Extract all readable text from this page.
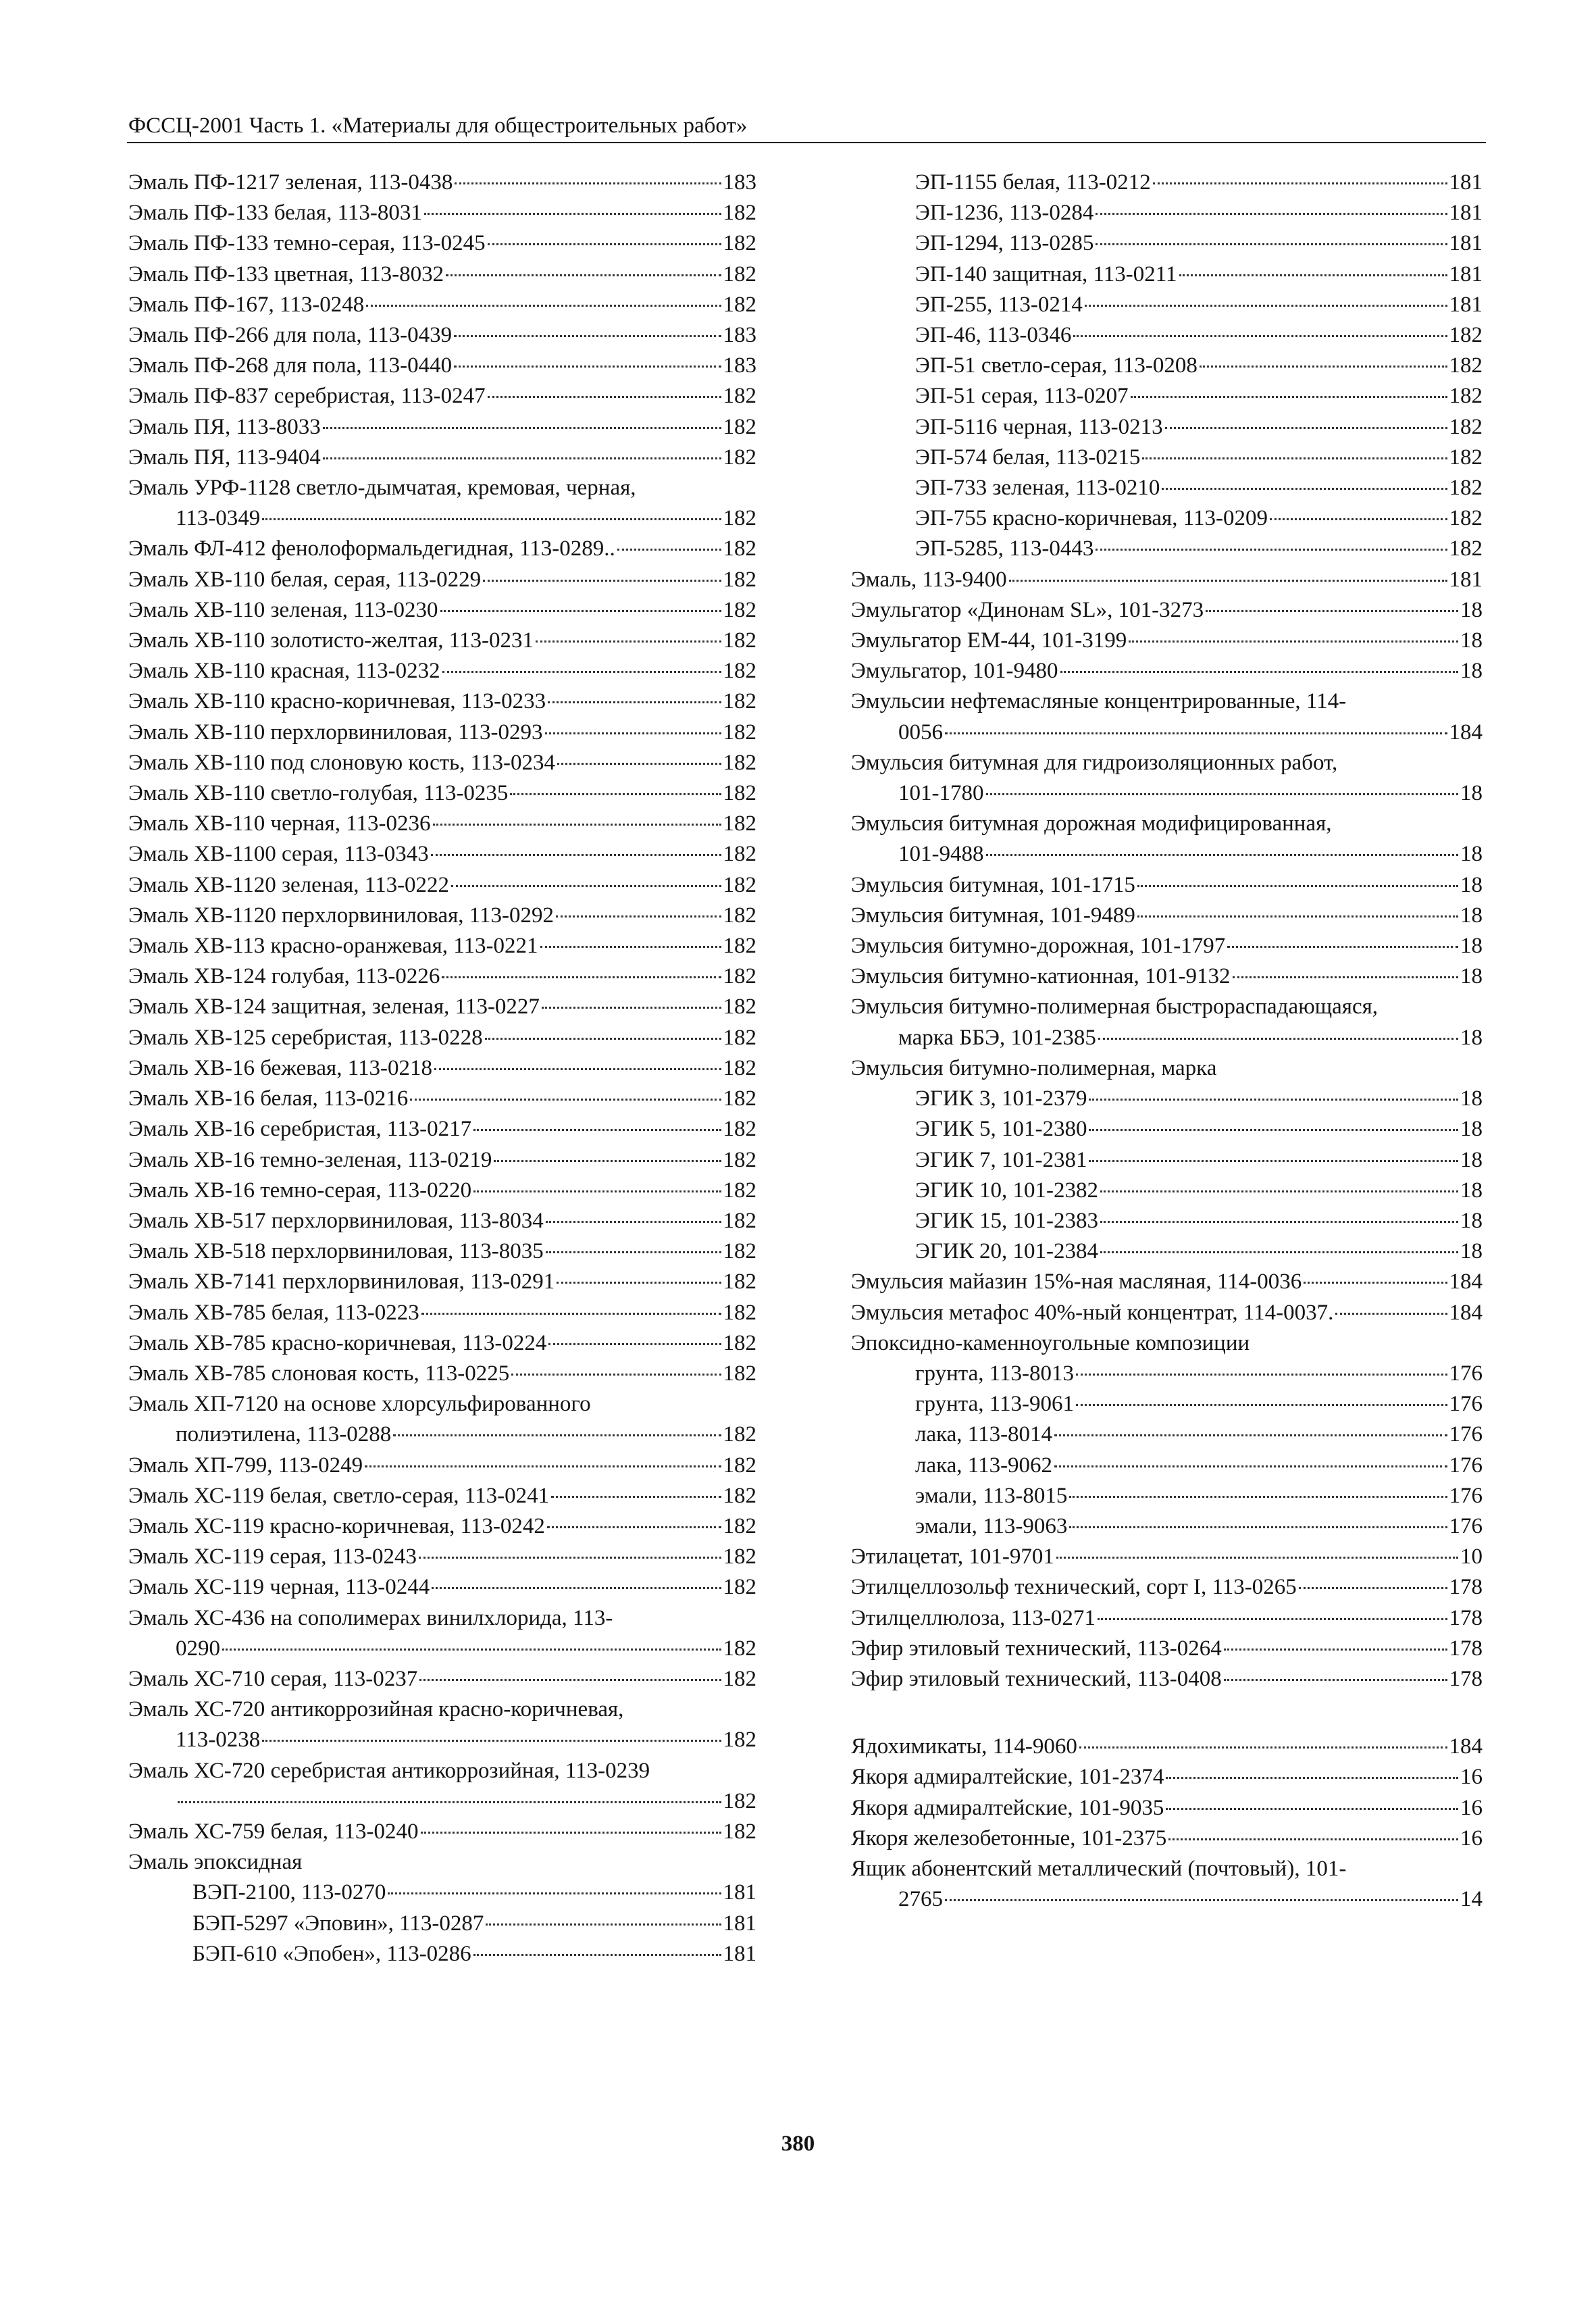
ФССЦ-2001 Часть 1. «Материалы для общестроительных работ»
Эмаль ПФ-1217 зеленая, 113-0438	183
Эмаль ПФ-133 белая, 113-8031	182
Эмаль ПФ-133 темно-серая, 113-0245	182
Эмаль ПФ-133 цветная, 113-8032	182
Эмаль ПФ-167, 113-0248	182
Эмаль ПФ-266 для пола, 113-0439	183
Эмаль ПФ-268 для пола, 113-0440	183
Эмаль ПФ-837 серебристая, 113-0247	182
Эмаль ПЯ, 113-8033	182
Эмаль ПЯ, 113-9404	182
Эмаль УРФ-1128 светло-дымчатая, кремовая, черная,
113-0349	182
Эмаль ФЛ-412 фенолоформальдегидная, 113-0289..	182
Эмаль ХВ-110 белая, серая, 113-0229	182
Эмаль ХВ-110 зеленая, 113-0230	182
Эмаль ХВ-110 золотисто-желтая, 113-0231	182
Эмаль ХВ-110 красная, 113-0232	182
Эмаль ХВ-110 красно-коричневая, 113-0233	182
Эмаль ХВ-110 перхлорвиниловая, 113-0293	182
Эмаль ХВ-110 под слоновую кость, 113-0234	182
Эмаль ХВ-110 светло-голубая, 113-0235	182
Эмаль ХВ-110 черная, 113-0236	182
Эмаль ХВ-1100 серая, 113-0343	182
Эмаль ХВ-1120 зеленая, 113-0222	182
Эмаль ХВ-1120 перхлорвиниловая, 113-0292	182
Эмаль ХВ-113 красно-оранжевая, 113-0221	182
Эмаль ХВ-124 голубая, 113-0226	182
Эмаль ХВ-124 защитная, зеленая, 113-0227	182
Эмаль ХВ-125 серебристая, 113-0228	182
Эмаль ХВ-16 бежевая, 113-0218	182
Эмаль ХВ-16 белая, 113-0216	182
Эмаль ХВ-16 серебристая, 113-0217	182
Эмаль ХВ-16 темно-зеленая, 113-0219	182
Эмаль ХВ-16 темно-серая, 113-0220	182
Эмаль ХВ-517 перхлорвиниловая, 113-8034	182
Эмаль ХВ-518 перхлорвиниловая, 113-8035	182
Эмаль ХВ-7141 перхлорвиниловая, 113-0291	182
Эмаль ХВ-785 белая, 113-0223	182
Эмаль ХВ-785 красно-коричневая, 113-0224	182
Эмаль ХВ-785 слоновая кость, 113-0225	182
Эмаль ХП-7120 на основе хлорсульфированного
полиэтилена, 113-0288	182
Эмаль ХП-799, 113-0249	182
Эмаль ХС-119 белая, светло-серая, 113-0241	182
Эмаль ХС-119 красно-коричневая, 113-0242	182
Эмаль ХС-119 серая, 113-0243	182
Эмаль ХС-119 черная, 113-0244	182
Эмаль ХС-436 на сополимерах винилхлорида, 113-
0290	182
Эмаль ХС-710 серая, 113-0237	182
Эмаль ХС-720 антикоррозийная красно-коричневая,
113-0238	182
Эмаль ХС-720 серебристая антикоррозийная, 113-0239
182
Эмаль ХС-759 белая, 113-0240	182
Эмаль эпоксидная
ВЭП-2100, 113-0270	181
БЭП-5297 «Эповин», 113-0287	181
БЭП-610 «Эпобен», 113-0286	181
ЭП-1155 белая, 113-0212	181
ЭП-1236, 113-0284	181
ЭП-1294, 113-0285	181
ЭП-140 защитная, 113-0211	181
ЭП-255, 113-0214	181
ЭП-46, 113-0346	182
ЭП-51 светло-серая, 113-0208	182
ЭП-51 серая, 113-0207	182
ЭП-5116 черная, 113-0213	182
ЭП-574 белая, 113-0215	182
ЭП-733 зеленая, 113-0210	182
ЭП-755 красно-коричневая, 113-0209	182
ЭП-5285, 113-0443	182
Эмаль, 113-9400	181
Эмульгатор «Динонам SL», 101-3273	18
Эмульгатор ЕМ-44, 101-3199	18
Эмульгатор, 101-9480	18
Эмульсии нефтемасляные концентрированные, 114-
0056	184
Эмульсия битумная для гидроизоляционных работ,
101-1780	18
Эмульсия битумная дорожная модифицированная,
101-9488	18
Эмульсия битумная, 101-1715	18
Эмульсия битумная, 101-9489	18
Эмульсия битумно-дорожная, 101-1797	18
Эмульсия битумно-катионная, 101-9132	18
Эмульсия битумно-полимерная быстрораспадающаяся,
марка ББЭ, 101-2385	18
Эмульсия битумно-полимерная, марка
ЭГИК 3, 101-2379	18
ЭГИК 5, 101-2380	18
ЭГИК 7, 101-2381	18
ЭГИК 10, 101-2382	18
ЭГИК 15, 101-2383	18
ЭГИК 20, 101-2384	18
Эмульсия майазин 15%-ная масляная, 114-0036	184
Эмульсия метафос 40%-ный концентрат, 114-0037.	184
Эпоксидно-каменноугольные композиции
грунта, 113-8013	176
грунта, 113-9061	176
лака, 113-8014	176
лака, 113-9062	176
эмали, 113-8015	176
эмали, 113-9063	176
Этилацетат, 101-9701	10
Этилцеллозольф технический, сорт I, 113-0265	178
Этилцеллюлоза, 113-0271	178
Эфир этиловый технический, 113-0264	178
Эфир этиловый технический, 113-0408	178
Ядохимикаты, 114-9060	184
Якоря адмиралтейские, 101-2374	16
Якоря адмиралтейские, 101-9035	16
Якоря железобетонные, 101-2375	16
Ящик абонентский металлический (почтовый), 101-
2765	14
380
